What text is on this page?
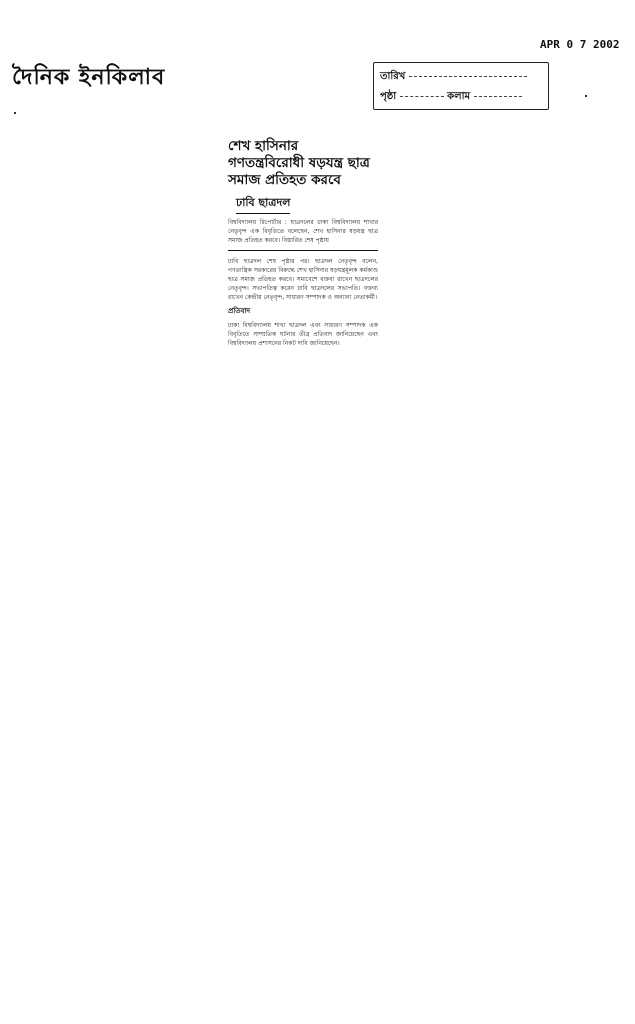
দৈনিক ইনকিলাব
APR 0 7 2002
তারিখ
পৃষ্ঠা	কলাম
শেখ হাসিনার গণতন্ত্রবিরোধী ষড়যন্ত্র ছাত্র সমাজ প্রতিহত করবে
ঢাবি ছাত্রদল
বিশ্ববিদ্যালয় রিপোর্টার : ছাত্রদলের ঢাকা বিশ্ববিদ্যালয় শাখার নেতৃবৃন্দ এক বিবৃতিতে বলেছেন, শেখ হাসিনার ষড়যন্ত্র ছাত্র সমাজ প্রতিহত করবে। বিস্তারিত শেষ পৃষ্ঠায়
ঢাবি ছাত্রদল শেষ পৃষ্ঠার পর। ছাত্রদল নেতৃবৃন্দ বলেন, গণতান্ত্রিক সরকারের বিরুদ্ধে শেখ হাসিনার ষড়যন্ত্রমূলক কর্মকাণ্ড ছাত্র সমাজ প্রতিহত করবে। সমাবেশে বক্তব্য রাখেন ছাত্রদলের নেতৃবৃন্দ। সভাপতিত্ব করেন ঢাবি ছাত্রদলের সভাপতি। বক্তব্য রাখেন কেন্দ্রীয় নেতৃবৃন্দ, সাধারণ সম্পাদক ও অন্যান্য নেতাকর্মী।
প্রতিবাদ
ঢাকা বিশ্ববিদ্যালয় শাখা ছাত্রদল এবং সাধারণ সম্পাদক এক বিবৃতিতে সাম্প্রতিক ঘটনার তীব্র প্রতিবাদ জানিয়েছেন এবং বিশ্ববিদ্যালয় প্রশাসনের নিকট দাবি জানিয়েছেন।
